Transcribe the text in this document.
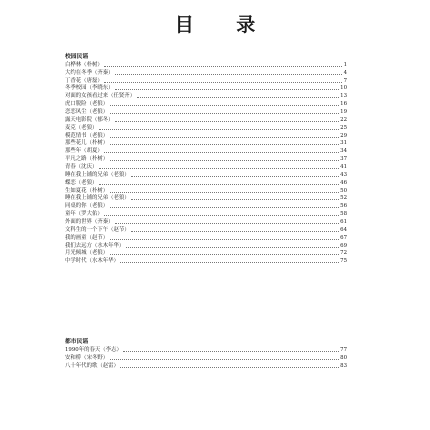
目 录
校园民谣
白桦林（朴树）	1
大约在冬季（齐秦）	4
丁香花（唐磊）	7
冬季校园（李晓东）	10
对面的女孩看过来（任贤齐）	13
虎口脱险（老狼）	16
恋恋风尘（老狼）	19
露天电影院（郁冬）	22
麦克（老狼）	25
模范情书（老狼）	29
那些花儿（朴树）	31
那些年（胡夏）	34
平凡之路（朴树）	37
青春（沈庆）	41
睡在我上铺的兄弟（老狼）	43
蝶恋（老狼）	46
生如夏花（朴树）	50
睡在我上铺的兄弟（老狼）	52
同桌的你（老狼）	56
童年（罗大佑）	58
外面的世界（齐秦）	61
文科生的一个下午（赵节）	64
我的画童（赵节）	67
我们去远方（水木年华）	69
月光倾城（老狼）	72
中学时代（水木年华）	75
都市民谣
1990年的春天（李志）	77
安和桥（宋冬野）	80
八十年代的歌（赵雷）	83
